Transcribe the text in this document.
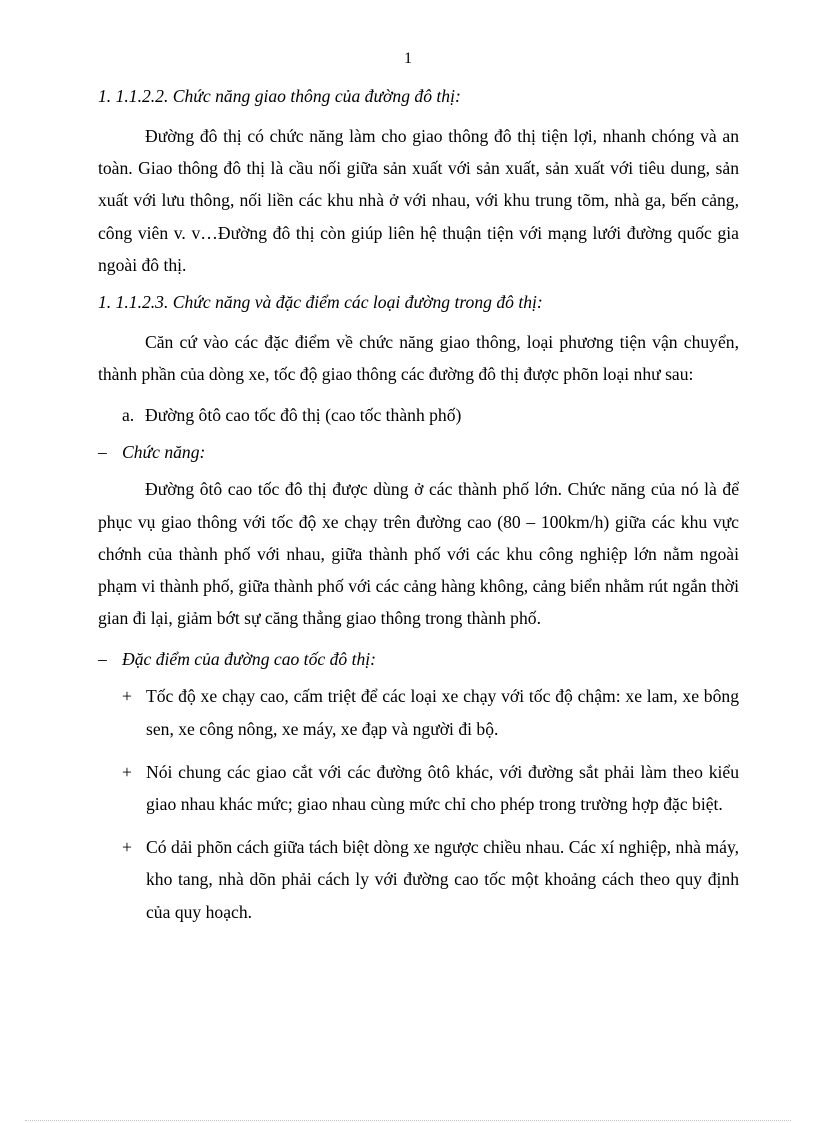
1

1. 1.1.2.2. Chức năng giao thông của đường đô thị:

Đường đô thị có chức năng làm cho giao thông đô thị tiện lợi, nhanh chóng và an toàn. Giao thông đô thị là cầu nối giữa sản xuất với sản xuất, sản xuất với tiêu dung, sản xuất với lưu thông, nối liền các khu nhà ở với nhau, với khu trung tõm, nhà ga, bến cảng, công viên v. v…Đường đô thị còn giúp liên hệ thuận tiện với mạng lưới đường quốc gia ngoài đô thị.

1. 1.1.2.3. Chức năng và đặc điểm các loại đường trong đô thị:

Căn cứ vào các đặc điểm về chức năng giao thông, loại phương tiện vận chuyển, thành phần của dòng xe, tốc độ giao thông các đường đô thị được phõn loại như sau:

a. Đường ôtô cao tốc đô thị (cao tốc thành phố)
– Chức năng:

Đường ôtô cao tốc đô thị được dùng ở các thành phố lớn. Chức năng của nó là để phục vụ giao thông với tốc độ xe chạy trên đường cao (80 – 100km/h) giữa các khu vực chớnh của thành phố với nhau, giữa thành phố với các khu công nghiệp lớn nằm ngoài phạm vi thành phố, giữa thành phố với các cảng hàng không, cảng biển nhằm rút ngắn thời gian đi lại, giảm bớt sự căng thẳng giao thông trong thành phố.

– Đặc điểm của đường cao tốc đô thị:
+ Tốc độ xe chạy cao, cấm triệt để các loại xe chạy với tốc độ chậm: xe lam, xe bông sen, xe công nông, xe máy, xe đạp và người đi bộ.
+ Nói chung các giao cắt với các đường ôtô khác, với đường sắt phải làm theo kiểu giao nhau khác mức; giao nhau cùng mức chỉ cho phép trong trường hợp đặc biệt.
+ Có dải phõn cách giữa tách biệt dòng xe ngược chiều nhau. Các xí nghiệp, nhà máy, kho tang, nhà dõn phải cách ly với đường cao tốc một khoảng cách theo quy định của quy hoạch.
